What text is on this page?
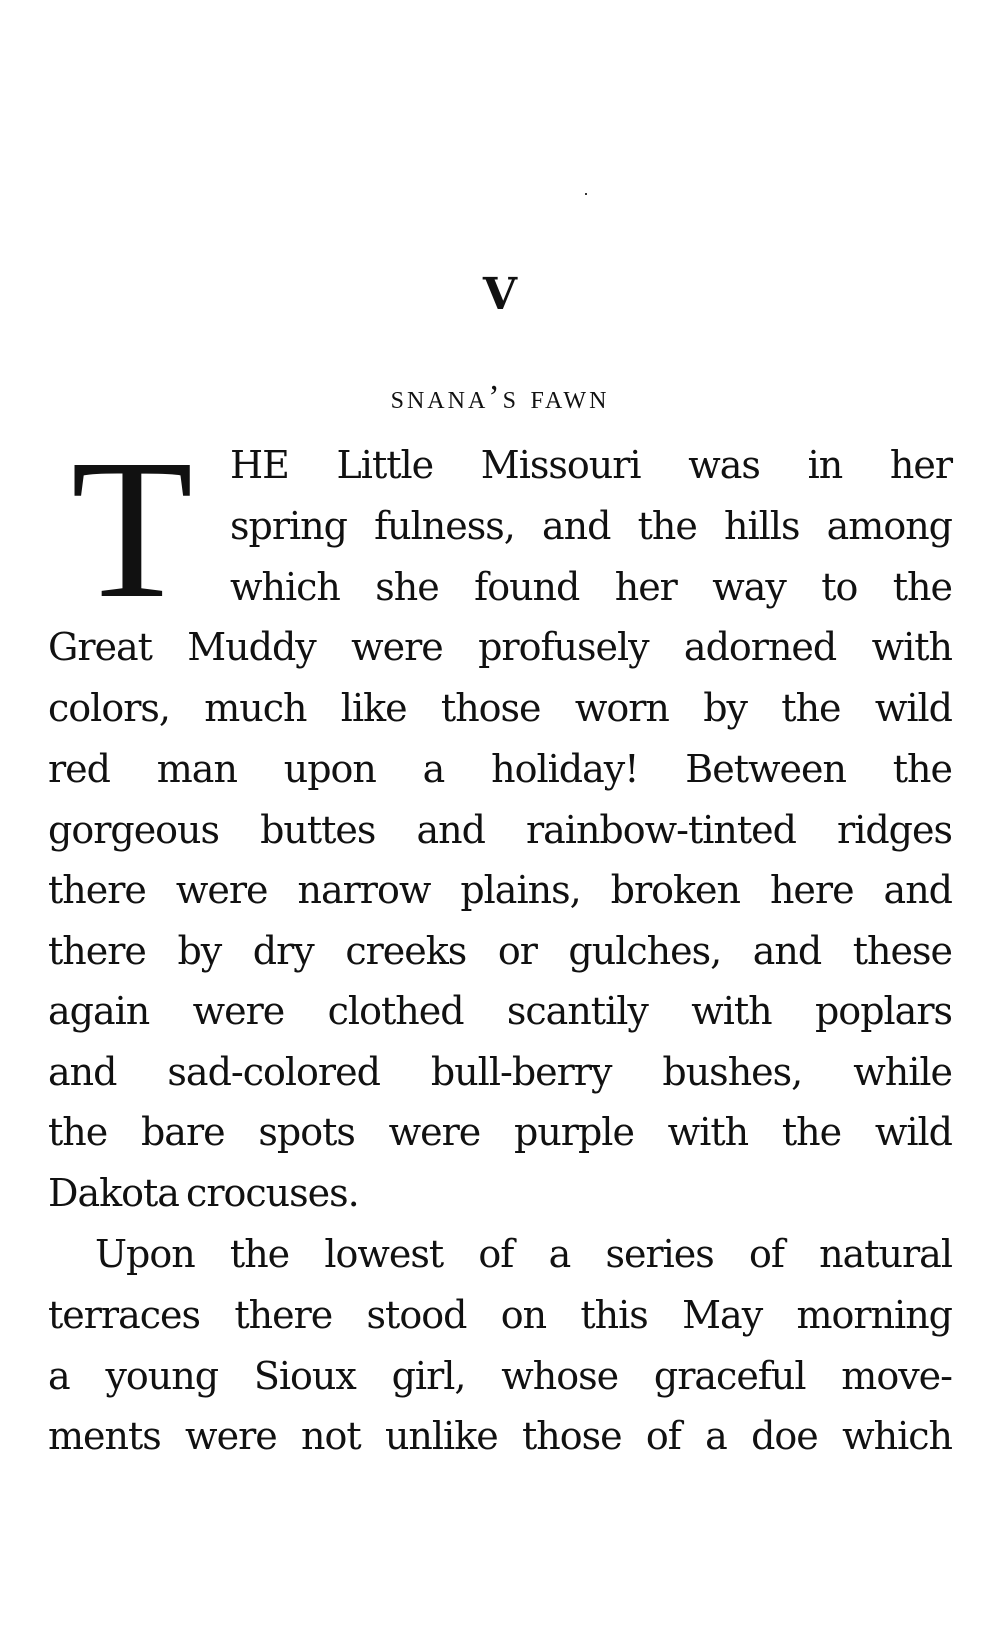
V
snana’s fawn
T HE Little Missouri was in her
spring fulness, and the hills among
which she found her way to the
Great Muddy were profusely adorned with
colors, much like those worn by the wild
red man upon a holiday! Between the
gorgeous buttes and rainbow-tinted ridges
there were narrow plains, broken here and
there by dry creeks or gulches, and these
again were clothed scantily with poplars
and sad-colored bull-berry bushes, while
the bare spots were purple with the wild
Dakota crocuses.
Upon the lowest of a series of natural
terraces there stood on this May morning
a young Sioux girl, whose graceful move-
ments were not unlike those of a doe which
